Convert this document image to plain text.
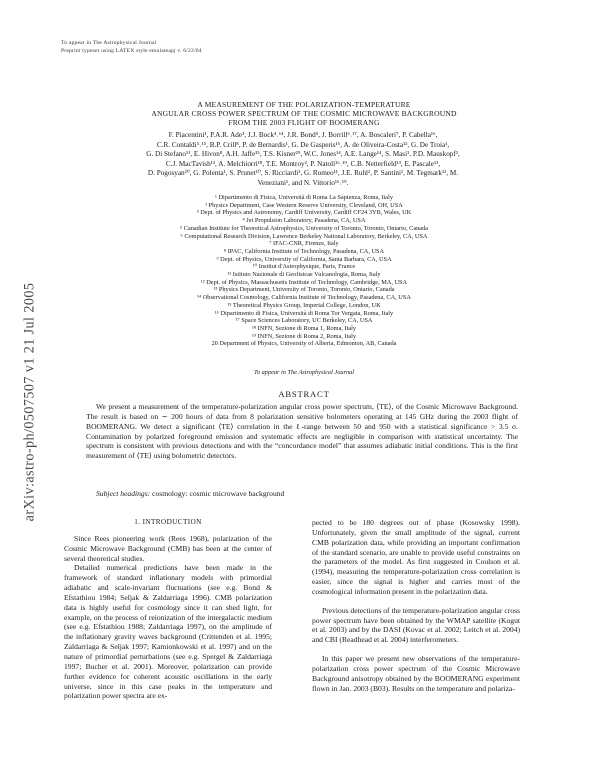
To appear in The Astrophysical Journal
Preprint typeset using LATEX style emulateapj v. 6/22/04
arXiv:astro-ph/0507507 v1 21 Jul 2005
A MEASUREMENT OF THE POLARIZATION-TEMPERATURE
ANGULAR CROSS POWER SPECTRUM OF THE COSMIC MICROWAVE BACKGROUND
FROM THE 2003 FLIGHT OF BOOMERANG
F. Piacentini¹, P.A.R. Ade³, J.J. Bock⁴˒¹⁴, J.R. Bond⁵, J. Borrill⁶˒¹⁷, A. Boscaleri⁷, P. Cabella¹⁶,
C.R. Contaldi⁵˒¹⁵, B.P. Crill⁸, P. de Bernardis¹, G. De Gasperis¹⁶, A. de Oliveira-Costa¹², G. De Troia¹,
G. Di Stefano¹¹, E. Hivon⁸, A.H. Jaffe¹⁵, T.S. Kisner²⁹, W.C. Jones¹⁴, A.E. Lange¹⁴, S. Masi¹, P.D. Mauskopf³,
C.J. MacTavish¹³, A. Melchiorri¹⁸, T.E. Montroy², P. Natoli¹⁶˒¹⁹, C.B. Netterfield¹³, E. Pascale¹³,
D. Pogosyan²⁰, G. Polenta¹, S. Prunet¹⁰, S. Ricciardi¹, G. Romeo¹¹, J.E. Ruhl², P. Santini¹, M. Tegmark¹², M.
Veneziani¹, and N. Vittorio¹⁶˒¹⁹.
¹ Dipartimento di Fisica, Università di Roma La Sapienza, Roma, Italy
² Physics Department, Case Western Reserve University, Cleveland, OH, USA
³ Dept. of Physics and Astronomy, Cardiff University, Cardiff CF24 3YB, Wales, UK
⁴ Jet Propulsion Laboratory, Pasadena, CA, USA
⁵ Canadian Institute for Theoretical Astrophysics, University of Toronto, Toronto, Ontario, Canada
⁶ Computational Research Division, Lawrence Berkeley National Laboratory, Berkeley, CA, USA
⁷ IFAC-CNR, Firenze, Italy
⁸ IPAC, California Institute of Technology, Pasadena, CA, USA
⁹ Dept. of Physics, University of California, Santa Barbara, CA, USA
¹⁰ Institut d'Astrophysique, Paris, France
¹¹ Istituto Nazionale di Geofisicae Vulcanologia, Roma, Italy
¹² Dept. of Physics, Massachusetts Institute of Technology, Cambridge, MA, USA
¹³ Physics Department, University of Toronto, Toronto, Ontario, Canada
¹⁴ Observational Cosmology, California Institute of Technology, Pasadena, CA, USA
¹⁵ Theoretical Physics Group, Imperial College, London, UK
¹⁶ Dipartimento di Fisica, Università di Roma Tor Vergata, Roma, Italy
¹⁷ Space Sciences Laboratory, UC Berkeley, CA, USA
¹⁸ INFN, Sezione di Roma 1, Roma, Italy
¹⁹ INFN, Sezione di Roma 2, Roma, Italy
20 Department of Physics, University of Alberta, Edmonton, AB, Canada
To appear in The Astrophysical Journal
ABSTRACT
We present a measurement of the temperature-polarization angular cross power spectrum, ⟨TE⟩, of the Cosmic Microwave Background. The result is based on ∼ 200 hours of data from 8 polarization sensitive bolometers operating at 145 GHz during the 2003 flight of BOOMERANG. We detect a significant ⟨TE⟩ correlation in the ℓ-range between 50 and 950 with a statistical significance > 3.5 σ. Contamination by polarized foreground emission and systematic effects are negligible in comparison with statistical uncertainty. The spectrum is consistent with previous detections and with the “concordance model” that assumes adiabatic initial conditions. This is the first measurement of ⟨TE⟩ using bolometric detectors.
Subject headings: cosmology: cosmic microwave background
1. INTRODUCTION

Since Rees pioneering work (Rees 1968), polarization of the Cosmic Microwave Background (CMB) has been at the center of several theoretical studies.

Detailed numerical predictions have been made in the framework of standard inflationary models with primordial adiabatic and scale-invariant fluctuations (see e.g. Bond & Efstathiou 1984; Seljak & Zaldarriaga 1996). CMB polarization data is highly useful for cosmology since it can shed light, for example, on the process of reionization of the intergalactic medium (see e.g. Efstathiou 1988; Zaldarriaga 1997), on the amplitude of the inflationary gravity waves background (Crittenden et al. 1995; Zaldarriaga & Seljak 1997; Kamionkowski et al. 1997) and on the nature of primordial perturbations (see e.g. Spergel & Zaldarriaga 1997; Bucher et al. 2001). Moreover, polarization can provide further evidence for coherent acoustic oscillations in the early universe, since in this case peaks in the temperature and polarization power spectra are ex-

pected to be 180 degrees out of phase (Kosowsky 1998). Unfortunately, given the small amplitude of the signal, current CMB polarization data, while providing an important confirmation of the standard scenario, are unable to provide useful constraints on the parameters of the model. As first suggested in Coulson et al. (1994), measuring the temperature-polarization cross correlation is easier, since the signal is higher and carries most of the cosmological information present in the polarization data.

Previous detections of the temperature-polarization angular cross power spectrum have been obtained by the WMAP satellite (Kogut et al. 2003) and by the DASI (Kovac et al. 2002; Leitch et al. 2004) and CBI (Readhead et al. 2004) interferometers.

In this paper we present new observations of the temperature-polarization cross power spectrum of the Cosmic Microwave Background anisotropy obtained by the BOOMERANG experiment flown in Jan. 2003 (B03). Results on the temperature and polariza-
